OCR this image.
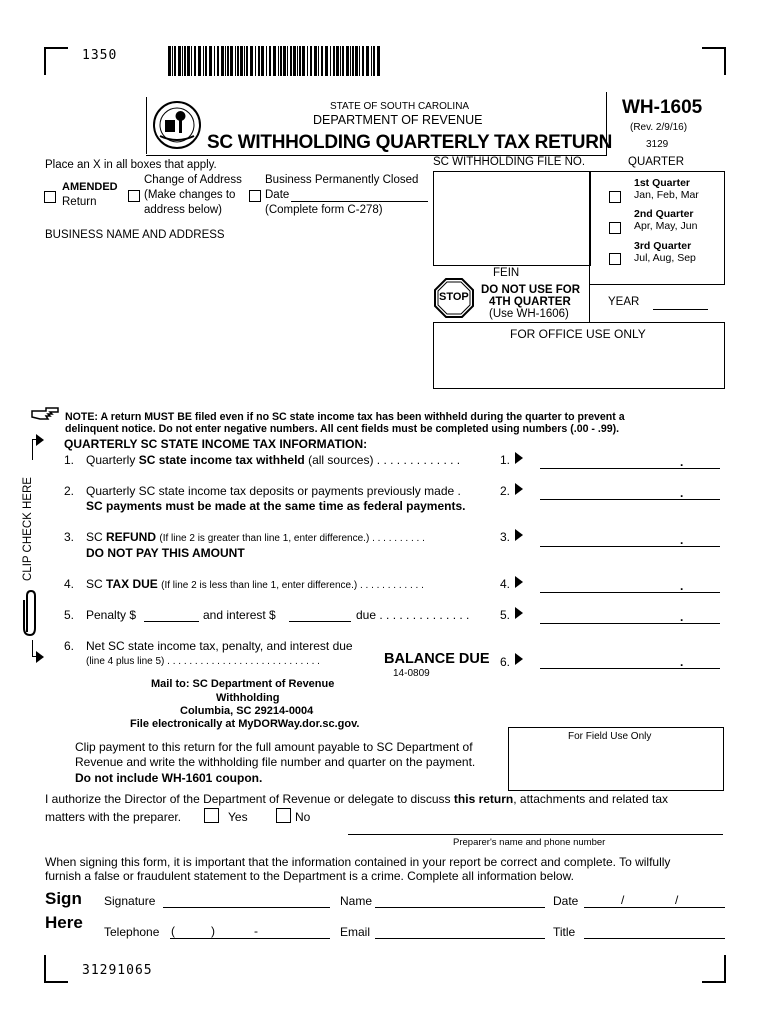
1350
STATE OF SOUTH CAROLINA
DEPARTMENT OF REVENUE
SC WITHHOLDING QUARTERLY TAX RETURN
WH-1605
(Rev. 2/9/16)
3129
Place an X in all boxes that apply.
AMENDED
Return
Change of Address
(Make changes to
address below)
Business Permanently Closed
Date
(Complete form C-278)
BUSINESS NAME AND ADDRESS
SC WITHHOLDING FILE NO.
FEIN
STOP
DO NOT USE FOR
4TH QUARTER
(Use WH-1606)
YEAR
FOR OFFICE USE ONLY
QUARTER
1st Quarter
Jan, Feb, Mar
2nd Quarter
Apr, May, Jun
3rd Quarter
Jul, Aug, Sep
NOTE: A return MUST BE filed even if no SC state income tax has been withheld during the quarter to prevent a
delinquent notice. Do not enter negative numbers. All cent fields must be completed using numbers (.00 - .99).
CLIP CHECK HERE
QUARTERLY SC STATE INCOME TAX INFORMATION:
1. Quarterly SC state income tax withheld (all sources) . . . . . . . . . . . . .	1.	.
2. Quarterly SC state income tax deposits or payments previously made .
SC payments must be made at the same time as federal payments.
2.	.
3. SC REFUND (If line 2 is greater than line 1, enter difference.) . . . . . . . . . .
DO NOT PAY THIS AMOUNT
3.	.
4. SC TAX DUE (If line 2 is less than line 1, enter difference.) . . . . . . . . . . . .	4.	.
5. Penalty $	and interest $	due . . . . . . . . . . . . . .	5.	.
6. Net SC state income tax, penalty, and interest due
(line 4 plus line 5) . . . . . . . . . . . . . . . . . . . . . . . . . . . .	BALANCE DUE 6.	.
14-0809
Mail to: SC Department of Revenue
Withholding
Columbia, SC 29214-0004
File electronically at MyDORWay.dor.sc.gov.
Clip payment to this return for the full amount payable to SC Department of
Revenue and write the withholding file number and quarter on the payment.
Do not include WH-1601 coupon.
For Field Use Only
I authorize the Director of the Department of Revenue or delegate to discuss this return, attachments and related tax
matters with the preparer.	Yes	No
Preparer's name and phone number
When signing this form, it is important that the information contained in your report be correct and complete. To wilfully
furnish a false or fraudulent statement to the Department is a crime. Complete all information below.
Sign
Here
Signature	Name	Date	/	/
Telephone (	)	-	Email	Title
31291065
